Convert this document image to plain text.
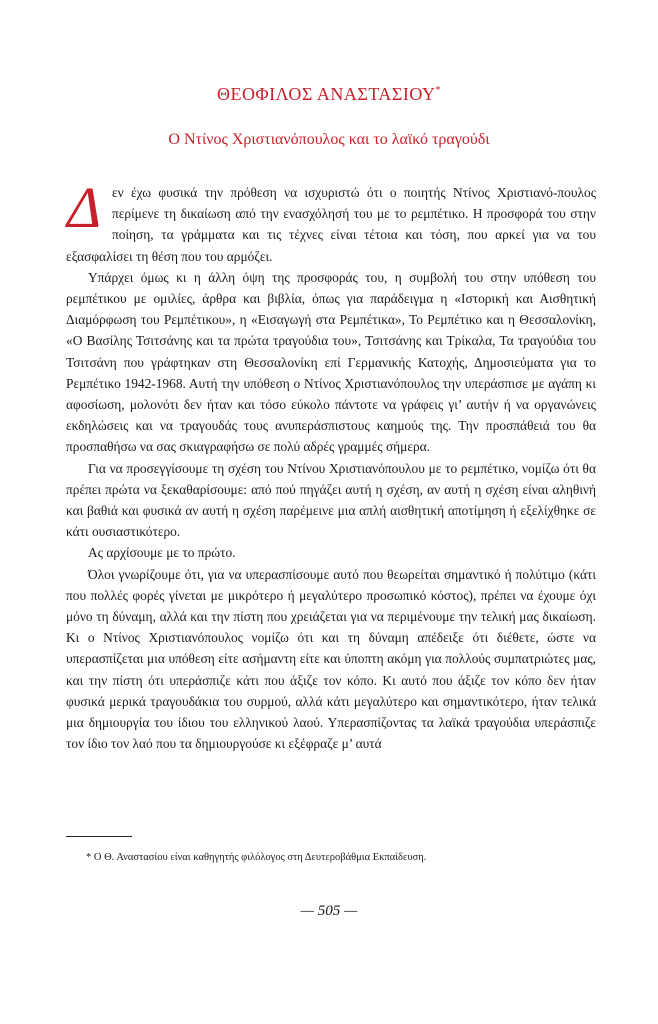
ΘΕΟΦΙΛΟΣ ΑΝΑΣΤΑΣΙΟΥ*
Ο Ντίνος Χριστιανόπουλος και το λαϊκό τραγούδι

Δεν έχω φυσικά την πρόθεση να ισχυριστώ ότι ο ποιητής Ντίνος Χριστιανό-πουλος περίμενε τη δικαίωση από την ενασχόλησή του με το ρεμπέτικο. Η προσφορά του στην ποίηση, τα γράμματα και τις τέχνες είναι τέτοια και τόση, που αρκεί για να του εξασφαλίσει τη θέση που του αρμόζει.

Υπάρχει όμως κι η άλλη όψη της προσφοράς του, η συμβολή του στην υπόθεση του ρεμπέτικου με ομιλίες, άρθρα και βιβλία, όπως για παράδειγμα η «Ιστορική και Αισθητική Διαμόρφωση του Ρεμπέτικου», η «Εισαγωγή στα Ρεμπέτικα», Το Ρεμπέτικο και η Θεσσαλονίκη, «Ο Βασίλης Τσιτσάνης και τα πρώτα τραγούδια του», Τσιτσάνης και Τρίκαλα, Τα τραγούδια του Τσιτσάνη που γράφτηκαν στη Θεσσαλονίκη επί Γερμανικής Κατοχής, Δημοσιεύματα για το Ρεμπέτικο 1942-1968. Αυτή την υπόθεση ο Ντίνος Χριστιανόπουλος την υπεράσπισε με αγάπη κι αφοσίωση, μολονότι δεν ήταν και τόσο εύκολο πάντοτε να γράφεις γι’ αυτήν ή να οργανώνεις εκδηλώσεις και να τραγουδάς τους ανυπεράσπιστους καημούς της. Την προσπάθειά του θα προσπαθήσω να σας σκιαγραφήσω σε πολύ αδρές γραμμές σήμερα.

Για να προσεγγίσουμε τη σχέση του Ντίνου Χριστιανόπουλου με το ρεμπέτικο, νομίζω ότι θα πρέπει πρώτα να ξεκαθαρίσουμε: από πού πηγάζει αυτή η σχέση, αν αυτή η σχέση είναι αληθινή και βαθιά και φυσικά αν αυτή η σχέση παρέμεινε μια απλή αισθητική αποτίμηση ή εξελίχθηκε σε κάτι ουσιαστικότερο.

Ας αρχίσουμε με το πρώτο.

Όλοι γνωρίζουμε ότι, για να υπερασπίσουμε αυτό που θεωρείται σημαντικό ή πολύτιμο (κάτι που πολλές φορές γίνεται με μικρότερο ή μεγαλύτερο προσωπικό κόστος), πρέπει να έχουμε όχι μόνο τη δύναμη, αλλά και την πίστη που χρειάζεται για να περιμένουμε την τελική μας δικαίωση. Κι ο Ντίνος Χριστιανόπουλος νομίζω ότι και τη δύναμη απέδειξε ότι διέθετε, ώστε να υπερασπίζεται μια υπόθεση είτε ασήμαντη είτε και ύποπτη ακόμη για πολλούς συμπατριώτες μας, και την πίστη ότι υπεράσπιζε κάτι που άξιζε τον κόπο. Κι αυτό που άξιζε τον κόπο δεν ήταν φυσικά μερικά τραγουδάκια του συρμού, αλλά κάτι μεγαλύτερο και σημαντικότερο, ήταν τελικά μια δημιουργία του ίδιου του ελληνικού λαού. Υπερασπίζοντας τα λαϊκά τραγούδια υπεράσπιζε τον ίδιο τον λαό που τα δημιουργούσε κι εξέφραζε μ’ αυτά

* Ο Θ. Αναστασίου είναι καθηγητής φιλόλογος στη Δευτεροβάθμια Εκπαίδευση.
— 505 —
